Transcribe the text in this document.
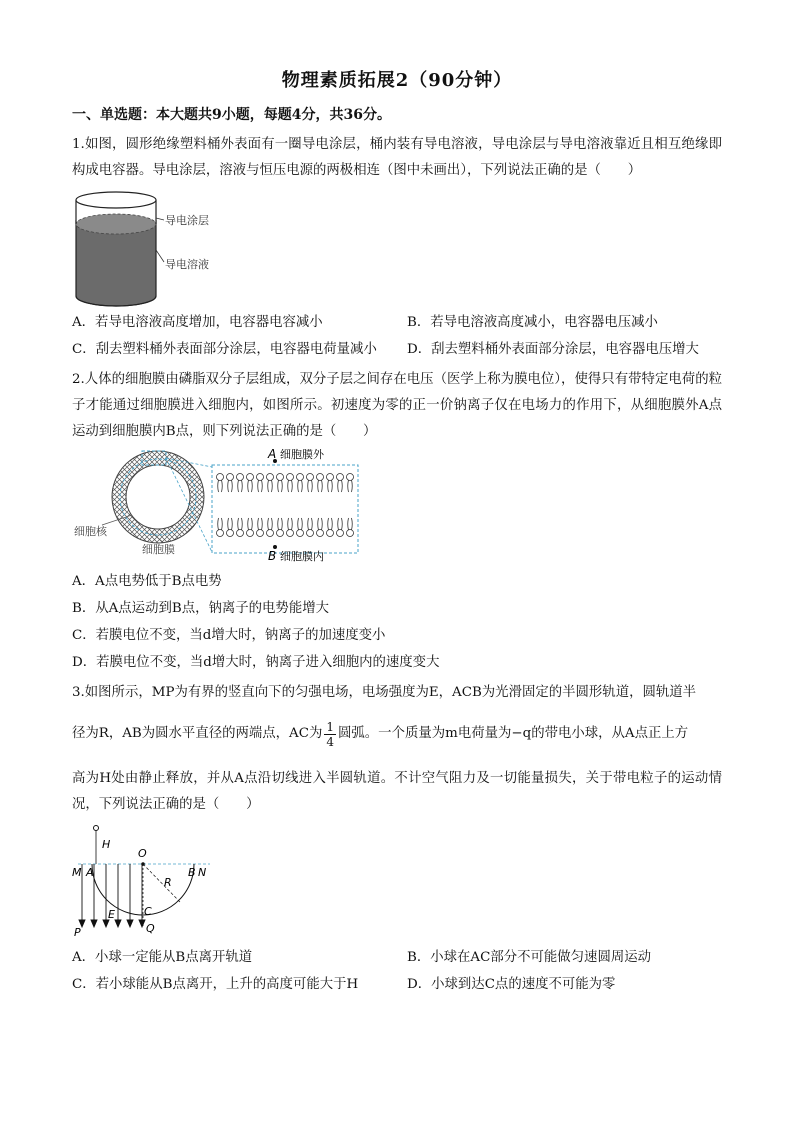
物理素质拓展2（90分钟）
一、单选题：本大题共9小题，每题4分，共36分。
1.如图，圆形绝缘塑料桶外表面有一圈导电涂层，桶内装有导电溶液，导电涂层与导电溶液靠近且相互绝缘即构成电容器。导电涂层，溶液与恒压电源的两极相连（图中未画出），下列说法正确的是（　　）
导电涂层
导电溶液
A．若导电溶液高度增加，电容器电容减小	B．若导电溶液高度减小，电容器电压减小
C．刮去塑料桶外表面部分涂层，电容器电荷量减小 D．刮去塑料桶外表面部分涂层，电容器电压增大
2.人体的细胞膜由磷脂双分子层组成，双分子层之间存在电压（医学上称为膜电位），使得只有带特定电荷的粒子才能通过细胞膜进入细胞内，如图所示。初速度为零的正一价钠离子仅在电场力的作用下，从细胞膜外A点运动到细胞膜内B点，则下列说法正确的是（　　）
细胞核
细胞膜
A 细胞膜外
B 细胞膜内
A．A点电势低于B点电势
B．从A点运动到B点，钠离子的电势能增大
C．若膜电位不变，当d增大时，钠离子的加速度变小
D．若膜电位不变，当d增大时，钠离子进入细胞内的速度变大
3.如图所示，MP为有界的竖直向下的匀强电场，电场强度为E，ACB为光滑固定的半圆形轨道，圆轨道半
径为R，AB为圆水平直径的两端点，AC为 $\frac{1}{4}$ 圆弧。一个质量为m电荷量为−q的带电小球，从A点正上方
高为H处由静止释放，并从A点沿切线进入半圆轨道。不计空气阻力及一切能量损失，关于带电粒子的运动情况，下列说法正确的是（　　）
H
O
M A	B N
R
E	C
P	Q
A．小球一定能从B点离开轨道	B．小球在AC部分不可能做匀速圆周运动
C．若小球能从B点离开，上升的高度可能大于H	D．小球到达C点的速度不可能为零
